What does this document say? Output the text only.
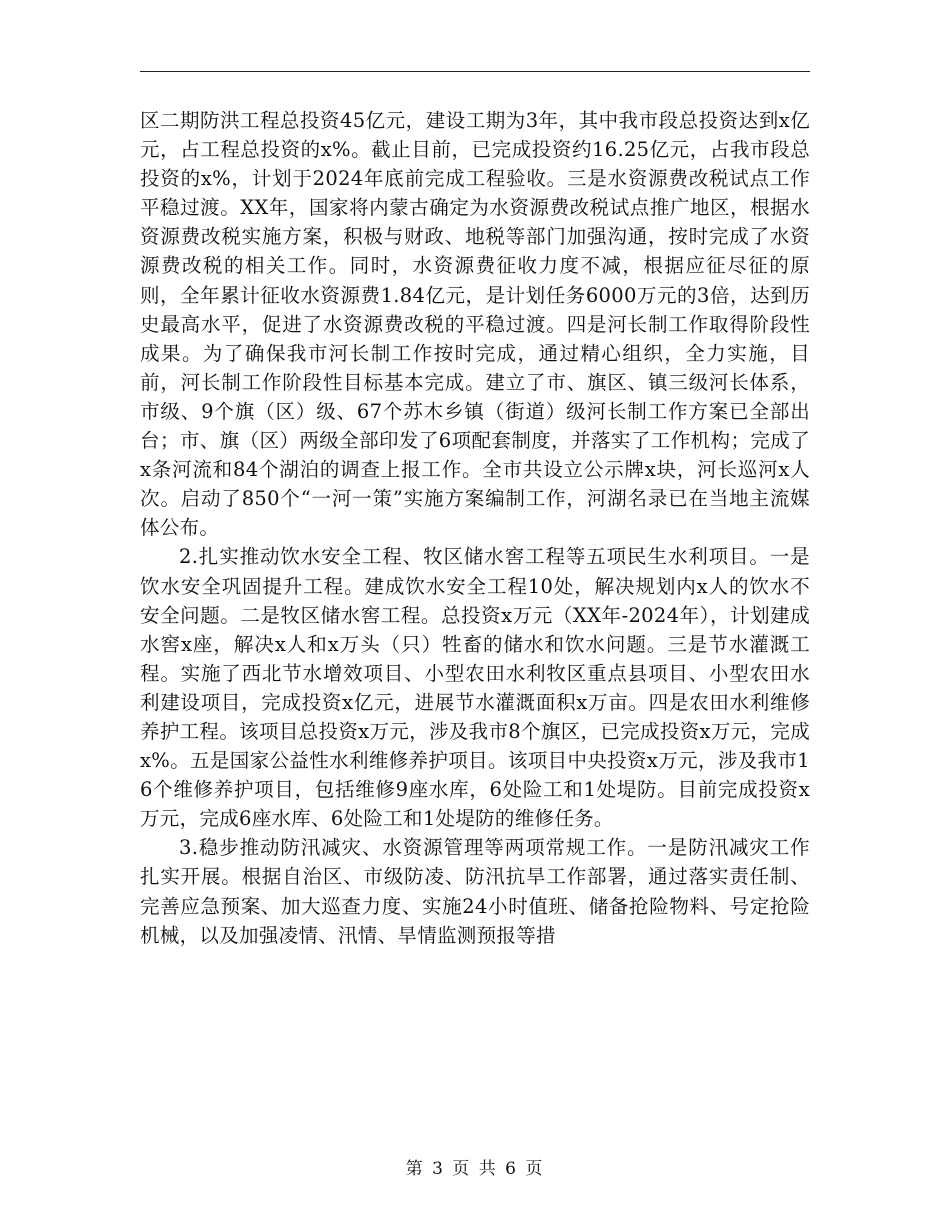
区二期防洪工程总投资45亿元，建设工期为3年，其中我市段总投资达到x亿元，占工程总投资的x%。截止目前，已完成投资约16.25亿元，占我市段总投资的x%，计划于2024年底前完成工程验收。三是水资源费改税试点工作平稳过渡。XX年，国家将内蒙古确定为水资源费改税试点推广地区，根据水资源费改税实施方案，积极与财政、地税等部门加强沟通，按时完成了水资源费改税的相关工作。同时，水资源费征收力度不减，根据应征尽征的原则，全年累计征收水资源费1.84亿元，是计划任务6000万元的3倍，达到历史最高水平，促进了水资源费改税的平稳过渡。四是河长制工作取得阶段性成果。为了确保我市河长制工作按时完成，通过精心组织，全力实施，目前，河长制工作阶段性目标基本完成。建立了市、旗区、镇三级河长体系，市级、9个旗（区）级、67个苏木乡镇（街道）级河长制工作方案已全部出台；市、旗（区）两级全部印发了6项配套制度，并落实了工作机构；完成了x条河流和84个湖泊的调查上报工作。全市共设立公示牌x块，河长巡河x人次。启动了850个“一河一策”实施方案编制工作，河湖名录已在当地主流媒体公布。

2.扎实推动饮水安全工程、牧区储水窖工程等五项民生水利项目。一是饮水安全巩固提升工程。建成饮水安全工程10处，解决规划内x人的饮水不安全问题。二是牧区储水窖工程。总投资x万元（XX年-2024年），计划建成水窖x座，解决x人和x万头（只）牲畜的储水和饮水问题。三是节水灌溉工程。实施了西北节水增效项目、小型农田水利牧区重点县项目、小型农田水利建设项目，完成投资x亿元，进展节水灌溉面积x万亩。四是农田水利维修养护工程。该项目总投资x万元，涉及我市8个旗区，已完成投资x万元，完成x%。五是国家公益性水利维修养护项目。该项目中央投资x万元，涉及我市16个维修养护项目，包括维修9座水库，6处险工和1处堤防。目前完成投资x万元，完成6座水库、6处险工和1处堤防的维修任务。

3.稳步推动防汛减灾、水资源管理等两项常规工作。一是防汛减灾工作扎实开展。根据自治区、市级防凌、防汛抗旱工作部署，通过落实责任制、完善应急预案、加大巡查力度、实施24小时值班、储备抢险物料、号定抢险机械，以及加强凌情、汛情、旱情监测预报等措

第 3 页 共 6 页
